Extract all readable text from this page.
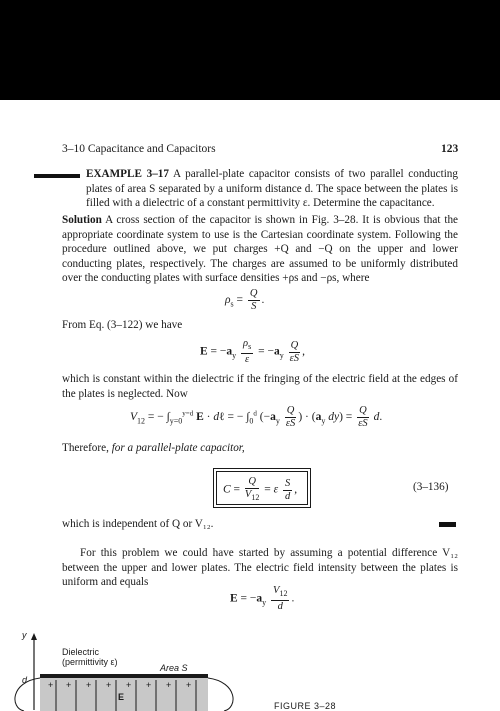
3–10 Capacitance and Capacitors	123
EXAMPLE 3–17 A parallel-plate capacitor consists of two parallel conducting plates of area S separated by a uniform distance d. The space between the plates is filled with a dielectric of a constant permittivity ε. Determine the capacitance.
Solution A cross section of the capacitor is shown in Fig. 3–28. It is obvious that the appropriate coordinate system to use is the Cartesian coordinate system. Following the procedure outlined above, we put charges +Q and −Q on the upper and lower conducting plates, respectively. The charges are assumed to be uniformly distributed over the conducting plates with surface densities +ρs and −ρs, where
$\rho_s = \frac{Q}{S}$ .
From Eq. (3–122) we have
$E = -a_y \frac{\rho_s}{\varepsilon} = -a_y \frac{Q}{\varepsilon S}$ ,
which is constant within the dielectric if the fringing of the electric field at the edges of the plates is neglected. Now
$V_{12}$ = − $\int_{y=0}^{y=d}$ E · dℓ = − $\int_0^d$ ($-a_y \frac{Q}{\varepsilon S}$ ) · ($a_y$ $dy) = \frac{Q}{\varepsilon S} d$.
Therefore, for a parallel-plate capacitor,
$C = \frac{Q}{V_{12}} = \varepsilon \frac{S}{d}$ ,	(3–136)
which is independent of Q or V₁₂.
For this problem we could have started by assuming a potential difference V₁₂ between the upper and lower plates. The electric field intensity between the plates is uniform and equals
$E = -a_y \frac{V_{12}}{d}$ .
+ + + + + + + +
y
Dielectric
(permittivity ε)
Area S
d
E
FIGURE 3–28
